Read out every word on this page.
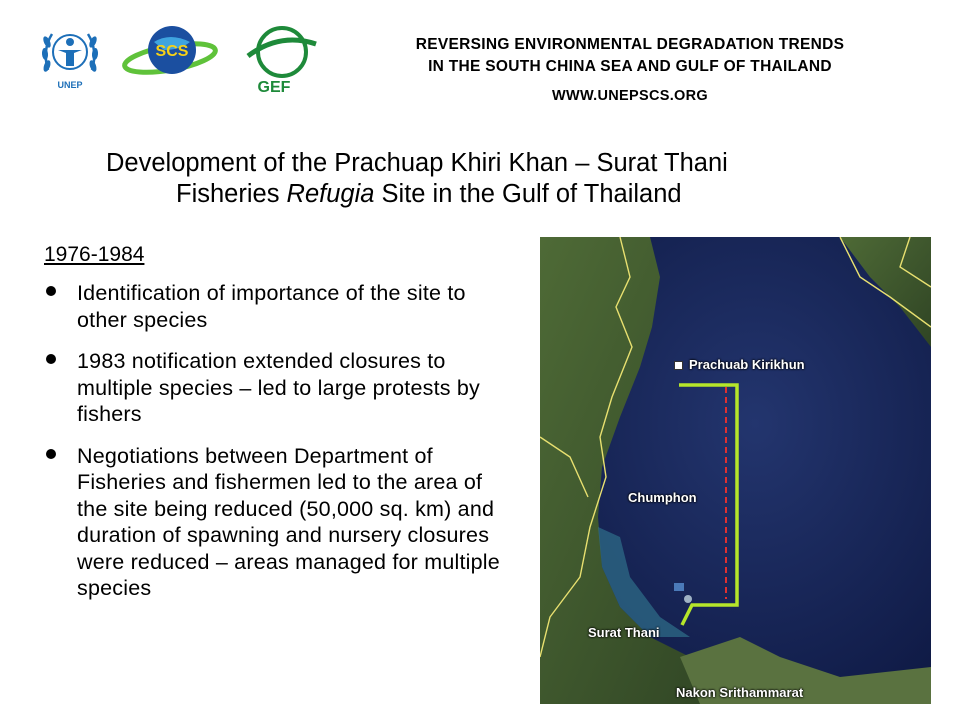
UNEP
SCS
GEF
REVERSING ENVIRONMENTAL DEGRADATION TRENDS
IN THE SOUTH CHINA SEA AND GULF OF THAILAND
WWW.UNEPSCS.ORG
Development of the Prachuap Khiri Khan – Surat Thani
Fisheries Refugia Site in the Gulf of Thailand
1976-1984
Identification of importance of the site to other species
1983 notification extended closures to multiple species – led to large protests by fishers
Negotiations between Department of Fisheries and fishermen led to the area of the site being reduced (50,000 sq. km) and duration of spawning and nursery closures were reduced – areas managed for multiple species
Prachuab Kirikhun
Chumphon
Surat Thani
Nakon Srithammarat
